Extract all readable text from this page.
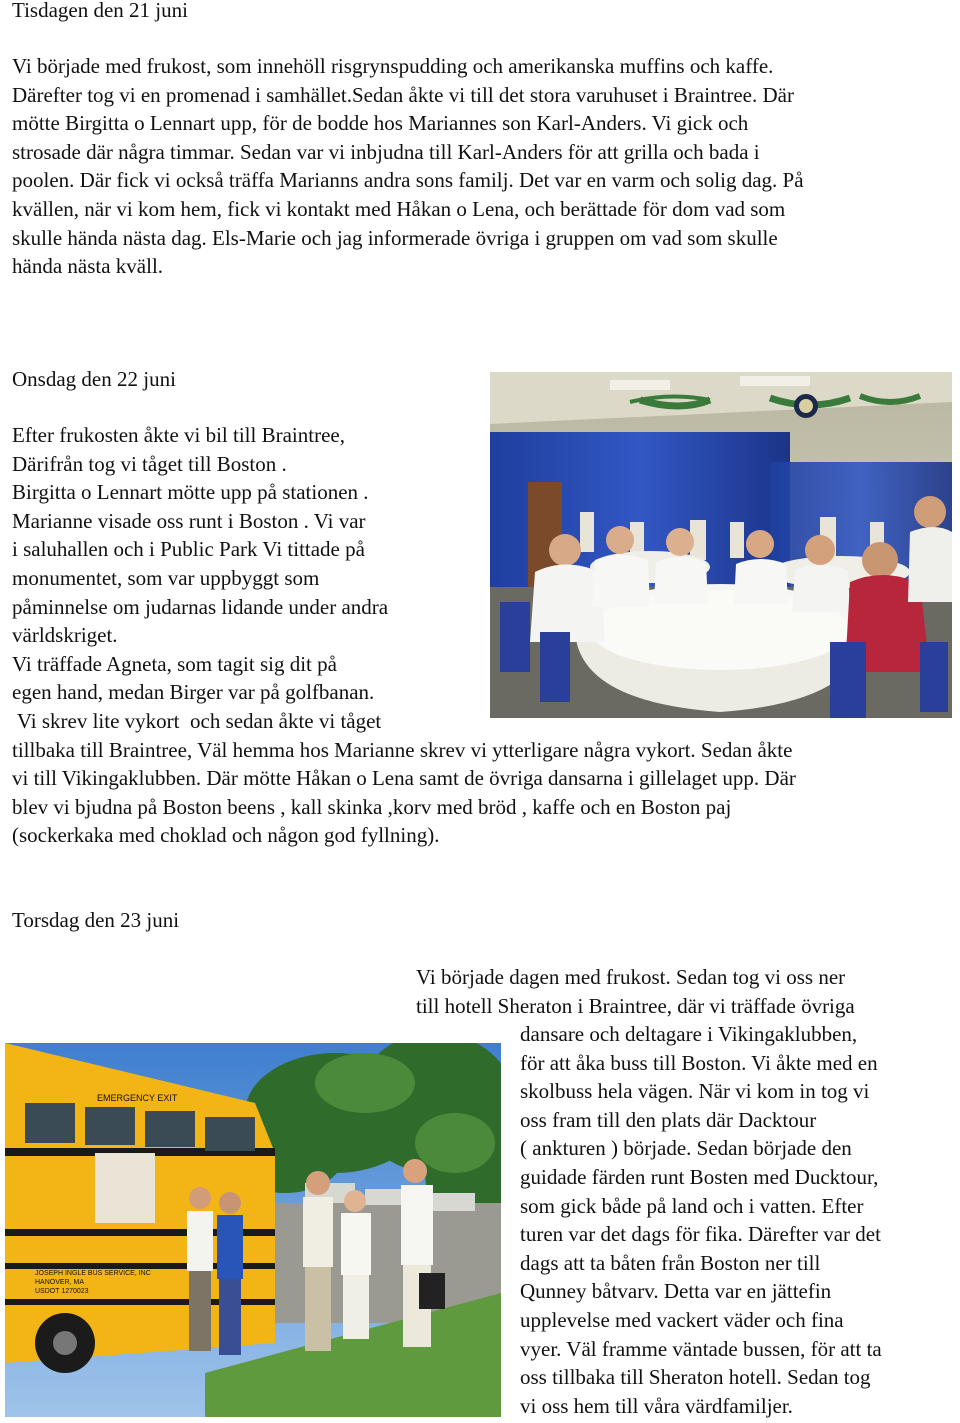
Tisdagen den 21 juni
Vi började med frukost, som innehöll risgrynspudding och amerikanska muffins och kaffe.
Därefter tog vi en promenad i samhället.Sedan åkte vi till det stora varuhuset i Braintree. Där
mötte Birgitta o Lennart upp, för de bodde hos Mariannes son Karl-Anders. Vi gick och
strosade där några timmar. Sedan var vi inbjudna till Karl-Anders för att grilla och bada i
poolen. Där fick vi också träffa Marianns andra sons familj. Det var en varm och solig dag. På
kvällen, när vi kom hem, fick vi kontakt med Håkan o Lena, och berättade för dom vad som
skulle hända nästa dag. Els-Marie och jag informerade övriga i gruppen om vad som skulle
hända nästa kväll.
Onsdag den 22 juni
Efter frukosten åkte vi bil till Braintree,
Därifrån tog vi tåget till Boston .
Birgitta o Lennart mötte upp på stationen .
Marianne visade oss runt i Boston . Vi var
i saluhallen och i Public Park Vi tittade på
monumentet, som var uppbyggt som
påminnelse om judarnas lidande under andra
världskriget.
Vi träffade Agneta, som tagit sig dit på
egen hand, medan Birger var på golfbanan.
Vi skrev lite vykort  och sedan åkte vi tåget
tillbaka till Braintree, Väl hemma hos Marianne skrev vi ytterligare några vykort. Sedan åkte
vi till Vikingaklubben. Där mötte Håkan o Lena samt de övriga dansarna i gillelaget upp. Där
blev vi bjudna på Boston beens , kall skinka ,korv med bröd , kaffe och en Boston paj
(sockerkaka med choklad och någon god fyllning).
Torsdag den 23 juni
Vi började dagen med frukost. Sedan tog vi oss ner
till hotell Sheraton i Braintree, där vi träffade övriga
dansare och deltagare i Vikingaklubben,
för att åka buss till Boston. Vi åkte med en
skolbuss hela vägen. När vi kom in tog vi
oss fram till den plats där Dacktour
( ankturen ) började. Sedan började den
guidade färden runt Bosten med Ducktour,
som gick både på land och i vatten. Efter
turen var det dags för fika. Därefter var det
dags att ta båten från Boston ner till
Qunney båtvarv. Detta var en jättefin
upplevelse med vackert väder och fina
vyer. Väl framme väntade bussen, för att ta
oss tillbaka till Sheraton hotell. Sedan tog
vi oss hem till våra värdfamiljer.
EMERGENCY EXIT
JOSEPH INGLE BUS SERVICE, INC
HANOVER, MA
USDOT 1270023
